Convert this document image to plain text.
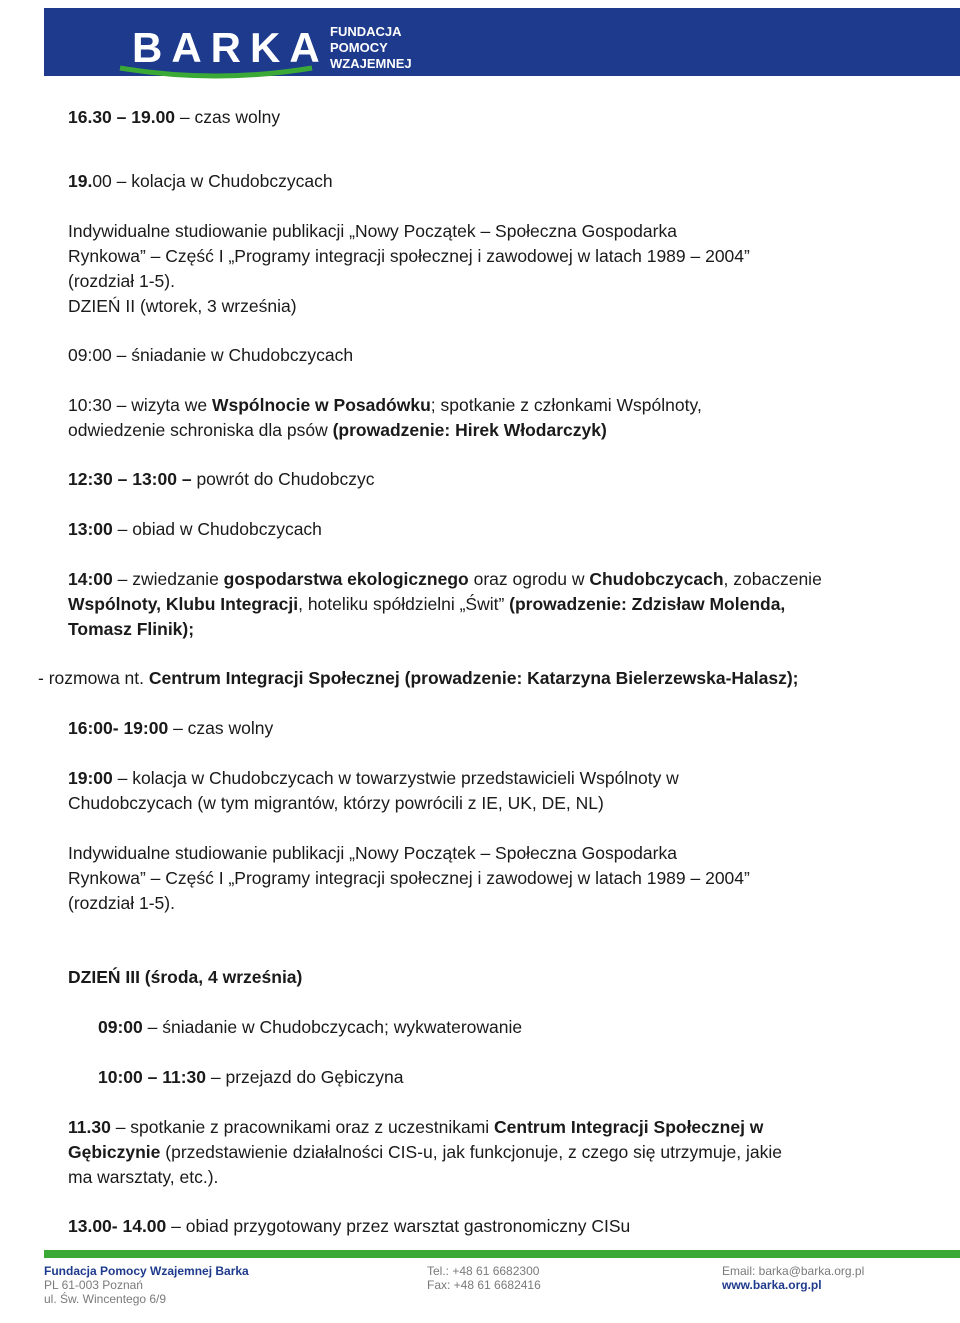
BARKA FUNDACJA
POMOCY
WZAJEMNEJ
16.30 – 19.00 – czas wolny
19.00 – kolacja w Chudobczycach
Indywidualne studiowanie publikacji „Nowy Początek – Społeczna Gospodarka
Rynkowa” – Część I „Programy integracji społecznej i zawodowej w latach 1989 – 2004”
(rozdział 1-5).
DZIEŃ II (wtorek, 3 września)
09:00 – śniadanie w Chudobczycach
10:30 – wizyta we Wspólnocie w Posadówku; spotkanie z członkami Wspólnoty,
odwiedzenie schroniska dla psów (prowadzenie: Hirek Włodarczyk)
12:30 – 13:00 – powrót do Chudobczyc
13:00 – obiad w Chudobczycach
14:00 – zwiedzanie gospodarstwa ekologicznego oraz ogrodu w Chudobczycach, zobaczenie
Wspólnoty, Klubu Integracji, hoteliku spółdzielni „Świt” (prowadzenie: Zdzisław Molenda,
Tomasz Flinik);
- rozmowa nt. Centrum Integracji Społecznej (prowadzenie: Katarzyna Bielerzewska-Halasz);
16:00- 19:00 – czas wolny
19:00 – kolacja w Chudobczycach w towarzystwie przedstawicieli Wspólnoty w
Chudobczycach (w tym migrantów, którzy powrócili z IE, UK, DE, NL)
Indywidualne studiowanie publikacji „Nowy Początek – Społeczna Gospodarka
Rynkowa” – Część I „Programy integracji społecznej i zawodowej w latach 1989 – 2004”
(rozdział 1-5).
DZIEŃ III (środa, 4 września)
09:00 – śniadanie w Chudobczycach; wykwaterowanie
10:00 – 11:30 – przejazd do Gębiczyna
11.30 – spotkanie z pracownikami oraz z uczestnikami Centrum Integracji Społecznej w
Gębiczynie (przedstawienie działalności CIS-u, jak funkcjonuje, z czego się utrzymuje, jakie
ma warsztaty, etc.).
13.00- 14.00 – obiad przygotowany przez warsztat gastronomiczny CISu
Fundacja Pomocy Wzajemnej Barka
PL 61-003 Poznań
ul. Św. Wincentego 6/9
Tel.: +48 61 6682300
Fax: +48 61 6682416
Email: barka@barka.org.pl
www.barka.org.pl
